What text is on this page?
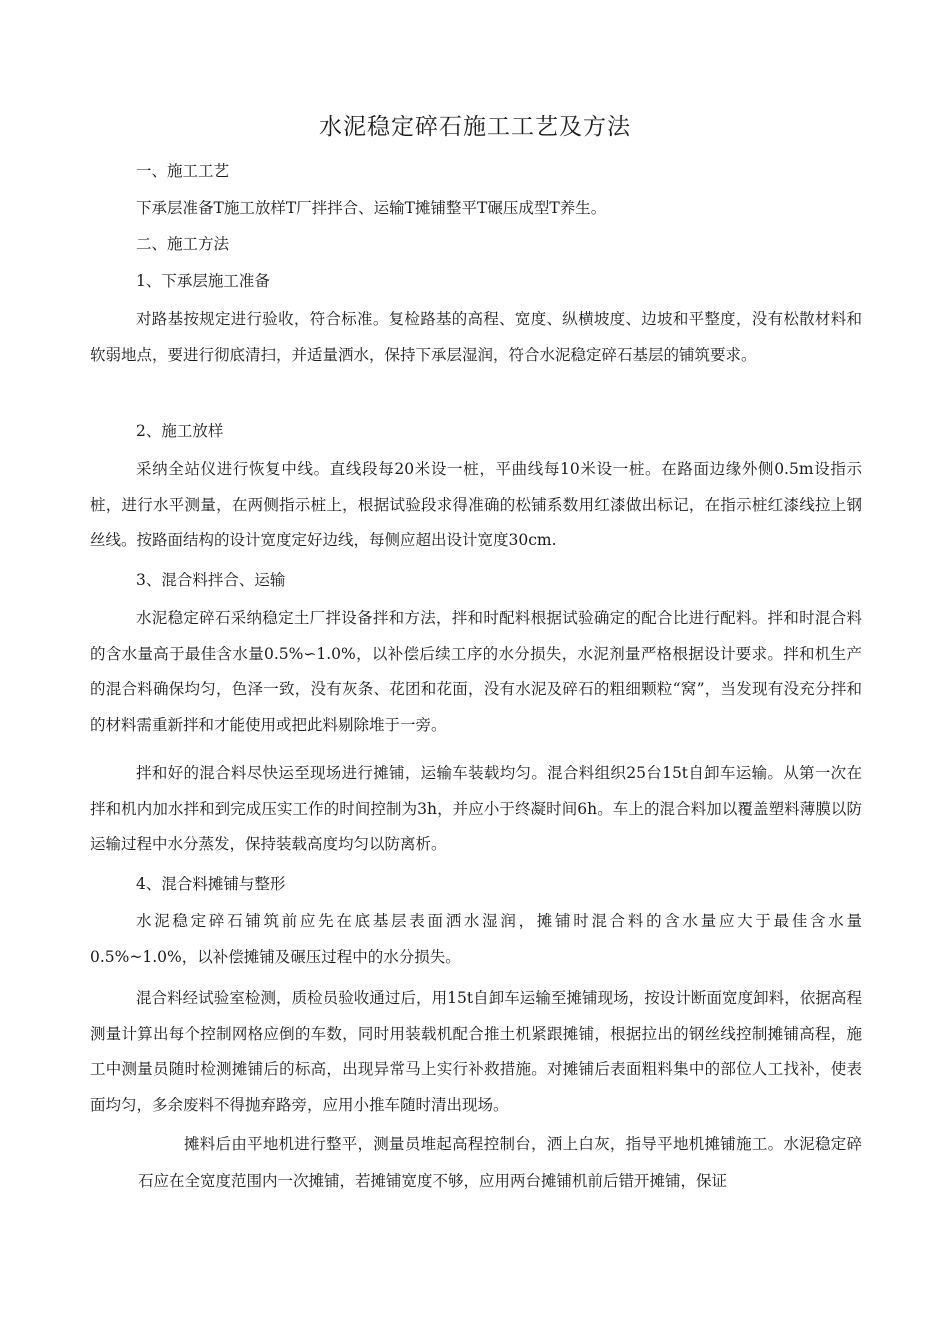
水泥稳定碎石施工工艺及方法
一、施工工艺
下承层准备T施工放样T厂拌拌合、运输T摊铺整平T碾压成型T养生。
二、施工方法
1、下承层施工准备
对路基按规定进行验收，符合标准。复检路基的高程、宽度、纵横坡度、边坡和平整度，没有松散材料和软弱地点，要进行彻底清扫，并适量洒水，保持下承层湿润，符合水泥稳定碎石基层的铺筑要求。
2、施工放样
采纳全站仪进行恢复中线。直线段每20米设一桩，平曲线每10米设一桩。在路面边缘外侧0.5m设指示桩，进行水平测量，在两侧指示桩上，根据试验段求得准确的松铺系数用红漆做出标记，在指示桩红漆线拉上钢丝线。按路面结构的设计宽度定好边线，每侧应超出设计宽度30cm.
3、混合料拌合、运输
水泥稳定碎石采纳稳定土厂拌设备拌和方法，拌和时配料根据试验确定的配合比进行配料。拌和时混合料的含水量高于最佳含水量0.5%∽1.0%，以补偿后续工序的水分损失，水泥剂量严格根据设计要求。拌和机生产的混合料确保均匀，色泽一致，没有灰条、花团和花面，没有水泥及碎石的粗细颗粒“窝”，当发现有没充分拌和的材料需重新拌和才能使用或把此料剔除堆于一旁。
拌和好的混合料尽快运至现场进行摊铺，运输车装载均匀。混合料组织25台15t自卸车运输。从第一次在拌和机内加水拌和到完成压实工作的时间控制为3h，并应小于终凝时间6h。车上的混合料加以覆盖塑料薄膜以防运输过程中水分蒸发，保持装载高度均匀以防离析。
4、混合料摊铺与整形
水泥稳定碎石铺筑前应先在底基层表面洒水湿润，摊铺时混合料的含水量应大于最佳含水量0.5%~1.0%，以补偿摊铺及碾压过程中的水分损失。
混合料经试验室检测，质检员验收通过后，用15t自卸车运输至摊铺现场，按设计断面宽度卸料，依据高程测量计算出每个控制网格应倒的车数，同时用装载机配合推土机紧跟摊铺，根据拉出的钢丝线控制摊铺高程，施工中测量员随时检测摊铺后的标高，出现异常马上实行补救措施。对摊铺后表面粗料集中的部位人工找补，使表面均匀，多余废料不得抛弃路旁，应用小推车随时清出现场。
摊料后由平地机进行整平，测量员堆起高程控制台，洒上白灰，指导平地机摊铺施工。水泥稳定碎石应在全宽度范围内一次摊铺，若摊铺宽度不够，应用两台摊铺机前后错开摊铺，保证
